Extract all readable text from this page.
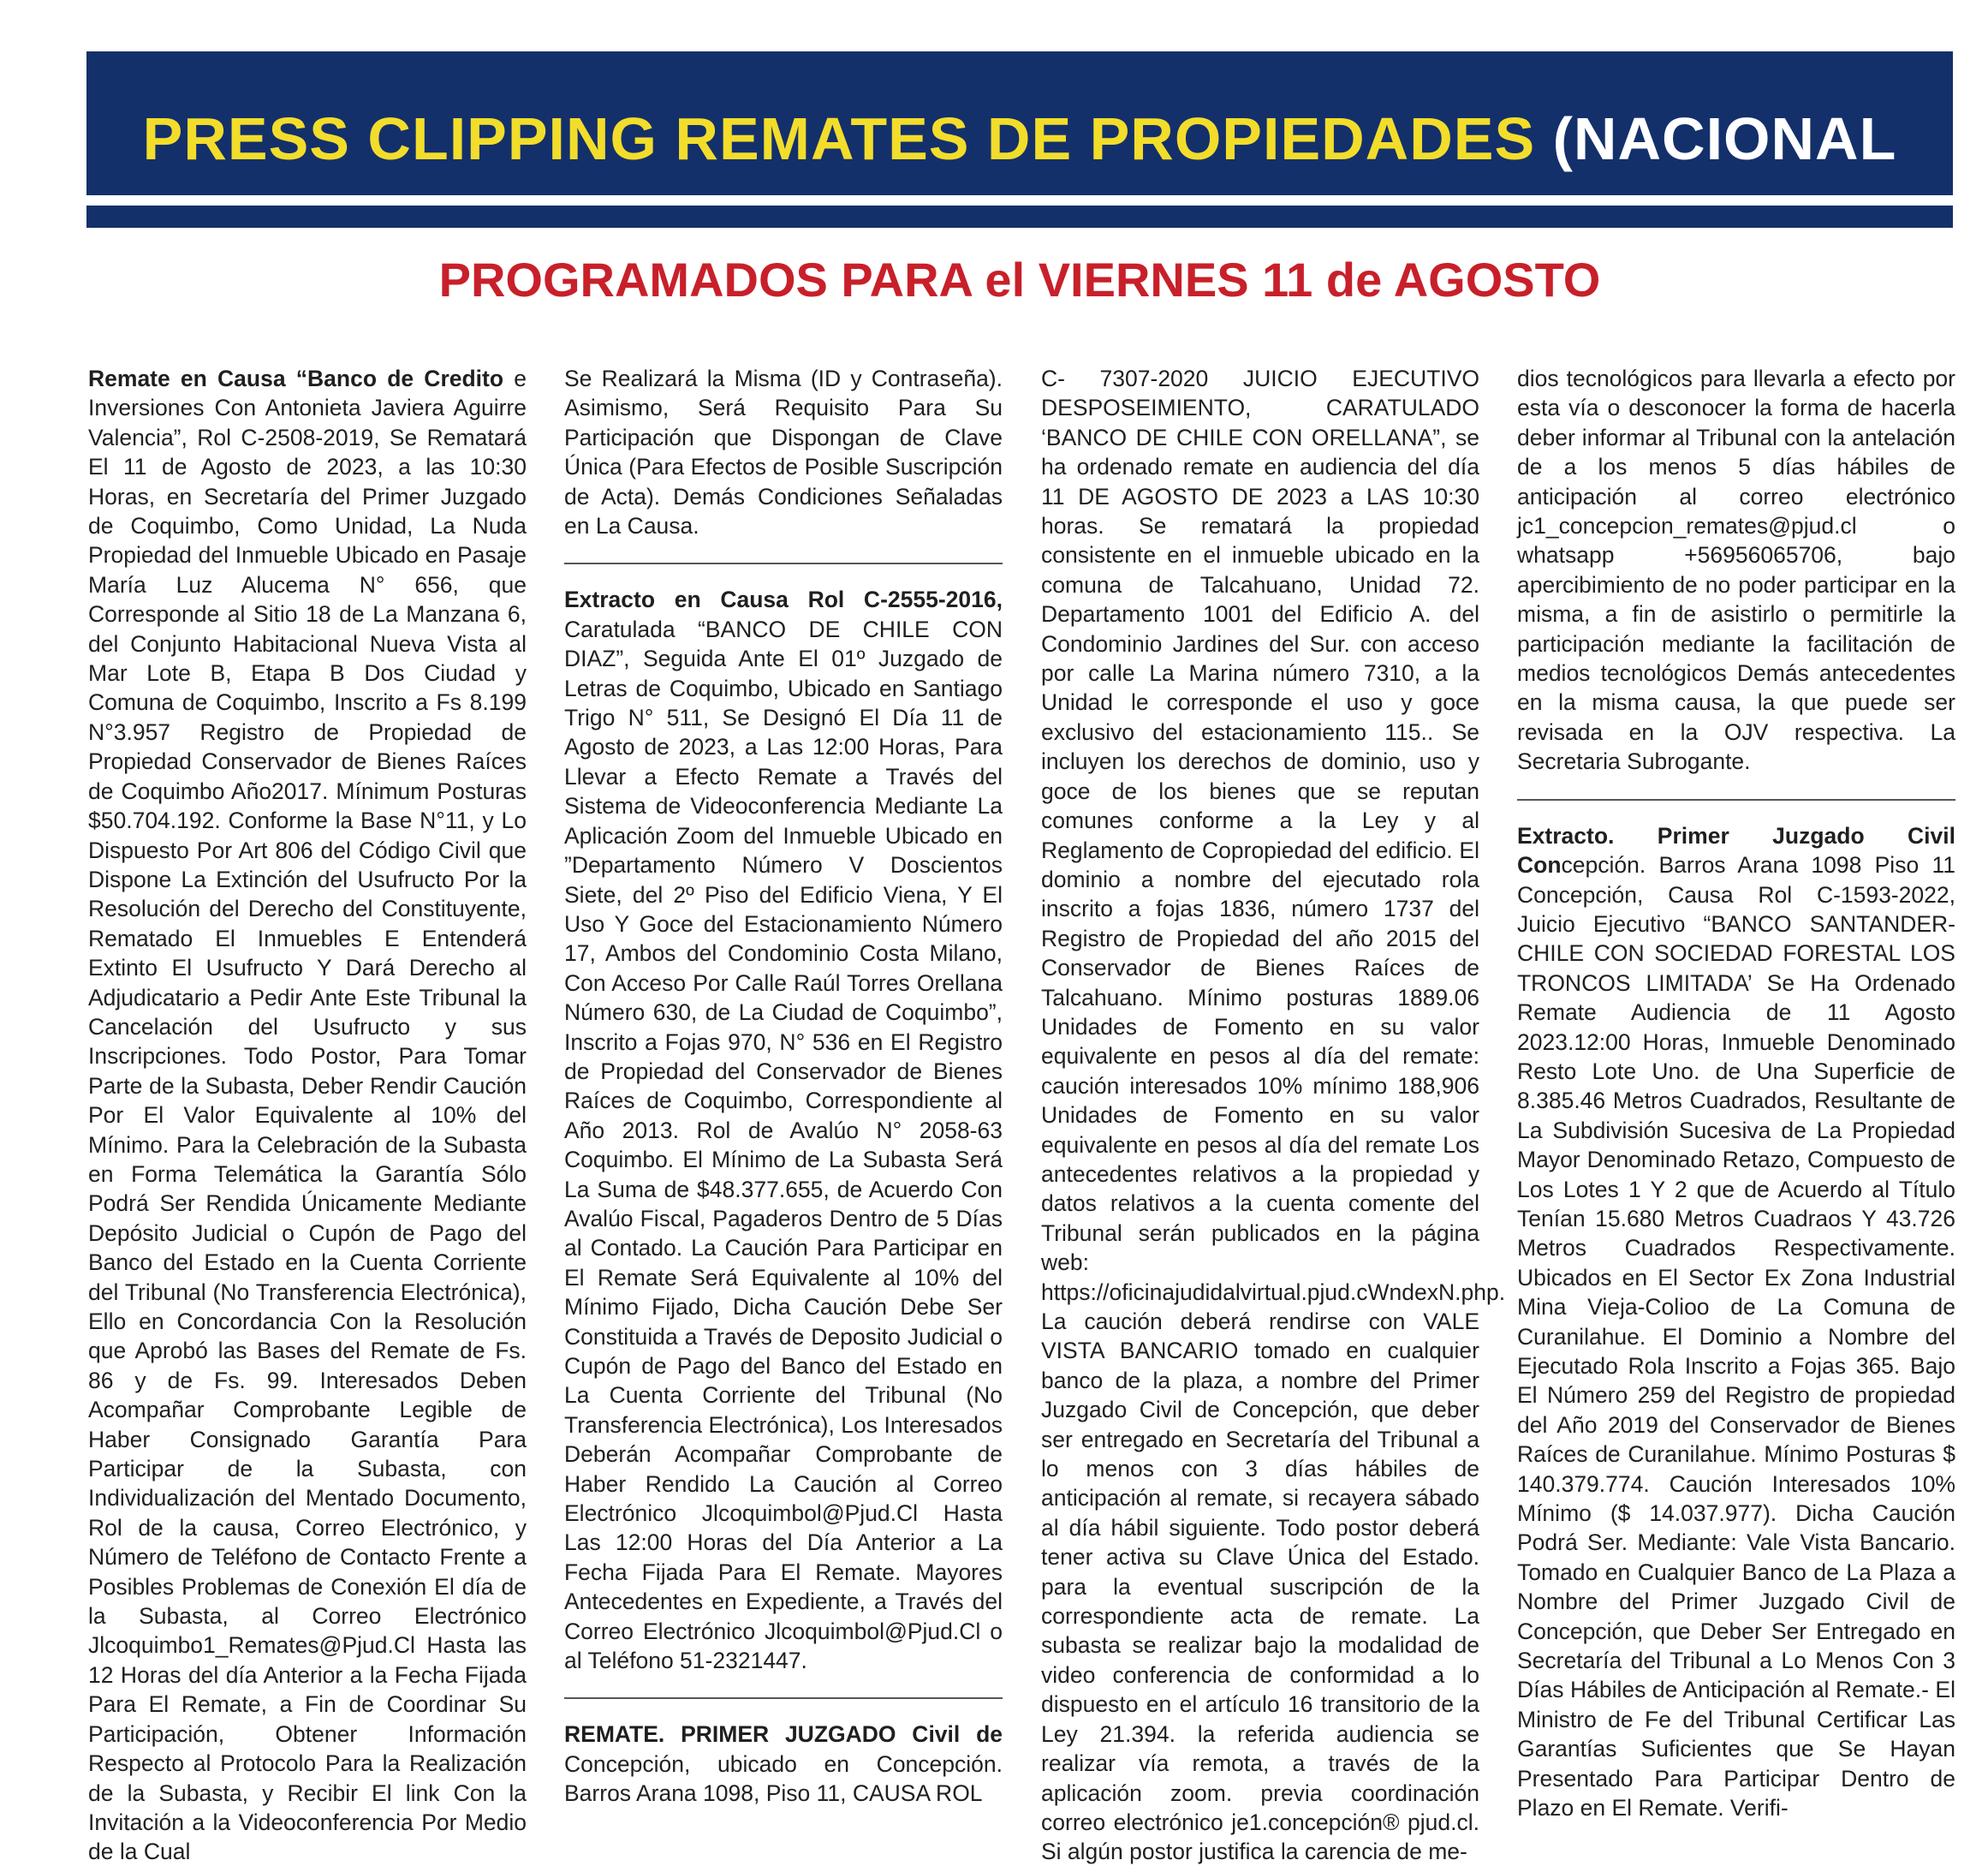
PRESS CLIPPING REMATES DE PROPIEDADES (NACIONAL
PROGRAMADOS PARA el VIERNES 11 de AGOSTO

Remate en Causa “Banco de Credito e Inversiones Con Antonieta Javiera Aguirre Valencia”, Rol C-2508-2019, Se Rematará El 11 de Agosto de 2023, a las 10:30 Horas, en Secretaría del Primer Juzgado de Coquimbo, Como Unidad, La Nuda Propiedad del Inmueble Ubicado en Pasaje María Luz Alucema N° 656, que Corresponde al Sitio 18 de La Manzana 6, del Conjunto Habitacional Nueva Vista al Mar Lote B, Etapa B Dos Ciudad y Comuna de Coquimbo, Inscrito a Fs 8.199 N°3.957 Registro de Propiedad de Propiedad Conservador de Bienes Raíces de Coquimbo Año2017. Mínimum Posturas $50.704.192. Conforme la Base N°11, y Lo Dispuesto Por Art 806 del Código Civil que Dispone La Extinción del Usufructo Por la Resolución del Derecho del Constituyente, Rematado El Inmuebles E Entenderá Extinto El Usufructo Y Dará Derecho al Adjudicatario a Pedir Ante Este Tribunal la Cancelación del Usufructo y sus Inscripciones. Todo Postor, Para Tomar Parte de la Subasta, Deber Rendir Caución Por El Valor Equivalente al 10% del Mínimo. Para la Celebración de la Subasta en Forma Telemática la Garantía Sólo Podrá Ser Rendida Únicamente Mediante Depósito Judicial o Cupón de Pago del Banco del Estado en la Cuenta Corriente del Tribunal (No Transferencia Electrónica), Ello en Concordancia Con la Resolución que Aprobó las Bases del Remate de Fs. 86 y de Fs. 99. Interesados Deben Acompañar Comprobante Legible de Haber Consignado Garantía Para Participar de la Subasta, con Individualización del Mentado Documento, Rol de la causa, Correo Electrónico, y Número de Teléfono de Contacto Frente a Posibles Problemas de Conexión El día de la Subasta, al Correo Electrónico Jlcoquimbo1_Remates@Pjud.Cl Hasta las 12 Horas del día Anterior a la Fecha Fijada Para El Remate, a Fin de Coordinar Su Participación, Obtener Información Respecto al Protocolo Para la Realización de la Subasta, y Recibir El link Con la Invitación a la Videoconferencia Por Medio de la Cual

Se Realizará la Misma (ID y Contraseña). Asimismo, Será Requisito Para Su Participación que Dispongan de Clave Única (Para Efectos de Posible Suscripción de Acta). Demás Condiciones Señaladas en La Causa.

Extracto en Causa Rol C-2555-2016, Caratulada “BANCO DE CHILE CON DIAZ”, Seguida Ante El 01º Juzgado de Letras de Coquimbo, Ubicado en Santiago Trigo N° 511, Se Designó El Día 11 de Agosto de 2023, a Las 12:00 Horas, Para Llevar a Efecto Remate a Través del Sistema de Videoconferencia Mediante La Aplicación Zoom del Inmueble Ubicado en ”Departamento Número V Doscientos Siete, del 2º Piso del Edificio Viena, Y El Uso Y Goce del Estacionamiento Número 17, Ambos del Condominio Costa Milano, Con Acceso Por Calle Raúl Torres Orellana Número 630, de La Ciudad de Coquimbo”, Inscrito a Fojas 970, N° 536 en El Registro de Propiedad del Conservador de Bienes Raíces de Coquimbo, Correspondiente al Año 2013. Rol de Avalúo N° 2058-63 Coquimbo. El Mínimo de La Subasta Será La Suma de $48.377.655, de Acuerdo Con Avalúo Fiscal, Pagaderos Dentro de 5 Días al Contado. La Caución Para Participar en El Remate Será Equivalente al 10% del Mínimo Fijado, Dicha Caución Debe Ser Constituida a Través de Deposito Judicial o Cupón de Pago del Banco del Estado en La Cuenta Corriente del Tribunal (No Transferencia Electrónica), Los Interesados Deberán Acompañar Comprobante de Haber Rendido La Caución al Correo Electrónico Jlcoquimbol@Pjud.Cl Hasta Las 12:00 Horas del Día Anterior a La Fecha Fijada Para El Remate. Mayores Antecedentes en Expediente, a Través del Correo Electrónico Jlcoquimbol@Pjud.Cl o al Teléfono 51-2321447.

REMATE. PRIMER JUZGADO Civil de Concepción, ubicado en Concepción. Barros Arana 1098, Piso 11, CAUSA ROL

C- 7307-2020 JUICIO EJECUTIVO DESPOSEIMIENTO, CARATULADO ‘BANCO DE CHILE CON ORELLANA”, se ha ordenado remate en audiencia del día 11 DE AGOSTO DE 2023 a LAS 10:30 horas. Se rematará la propiedad consistente en el inmueble ubicado en la comuna de Talcahuano, Unidad 72. Departamento 1001 del Edificio A. del Condominio Jardines del Sur. con acceso por calle La Marina número 7310, a la Unidad le corresponde el uso y goce exclusivo del estacionamiento 115.. Se incluyen los derechos de dominio, uso y goce de los bienes que se reputan comunes conforme a la Ley y al Reglamento de Copropiedad del edificio. El dominio a nombre del ejecutado rola inscrito a fojas 1836, número 1737 del Registro de Propiedad del año 2015 del Conservador de Bienes Raíces de Talcahuano. Mínimo posturas 1889.06 Unidades de Fomento en su valor equivalente en pesos al día del remate: caución interesados 10% mínimo 188,906 Unidades de Fomento en su valor equivalente en pesos al día del remate Los antecedentes relativos a la propiedad y datos relativos a la cuenta comente del Tribunal serán publicados en la página web: https://oficinajudidalvirtual.pjud.cWndexN.php. La caución deberá rendirse con VALE VISTA BANCARIO tomado en cualquier banco de la plaza, a nombre del Primer Juzgado Civil de Concepción, que deber ser entregado en Secretaría del Tribunal a lo menos con 3 días hábiles de anticipación al remate, si recayera sábado al día hábil siguiente. Todo postor deberá tener activa su Clave Única del Estado. para la eventual suscripción de la correspondiente acta de remate. La subasta se realizar bajo la modalidad de video conferencia de conformidad a lo dispuesto en el artículo 16 transitorio de la Ley 21.394. la referida audiencia se realizar vía remota, a través de la aplicación zoom. previa coordinación correo electrónico je1.concepción® pjud.cl. Si algún postor justifica la carencia de me-

dios tecnológicos para llevarla a efecto por esta vía o desconocer la forma de hacerla deber informar al Tribunal con la antelación de a los menos 5 días hábiles de anticipación al correo electrónico jc1_concepcion_remates@pjud.cl o whatsapp +56956065706, bajo apercibimiento de no poder participar en la misma, a fin de asistirlo o permitirle la participación mediante la facilitación de medios tecnológicos Demás antecedentes en la misma causa, la que puede ser revisada en la OJV respectiva. La Secretaria Subrogante.

Extracto. Primer Juzgado Civil Concepción. Barros Arana 1098 Piso 11 Concepción, Causa Rol C-1593-2022, Juicio Ejecutivo “BANCO SANTANDER-CHILE CON SOCIEDAD FORESTAL LOS TRONCOS LIMITADA’ Se Ha Ordenado Remate Audiencia de 11 Agosto 2023.12:00 Horas, Inmueble Denominado Resto Lote Uno. de Una Superficie de 8.385.46 Metros Cuadrados, Resultante de La Subdivisión Sucesiva de La Propiedad Mayor Denominado Retazo, Compuesto de Los Lotes 1 Y 2 que de Acuerdo al Título Tenían 15.680 Metros Cuadraos Y 43.726 Metros Cuadrados Respectivamente. Ubicados en El Sector Ex Zona Industrial Mina Vieja-Colioo de La Comuna de Curanilahue. El Dominio a Nombre del Ejecutado Rola Inscrito a Fojas 365. Bajo El Número 259 del Registro de propiedad del Año 2019 del Conservador de Bienes Raíces de Curanilahue. Mínimo Posturas $ 140.379.774. Caución Interesados 10% Mínimo ($ 14.037.977). Dicha Caución Podrá Ser. Mediante: Vale Vista Bancario. Tomado en Cualquier Banco de La Plaza a Nombre del Primer Juzgado Civil de Concepción, que Deber Ser Entregado en Secretaría del Tribunal a Lo Menos Con 3 Días Hábiles de Anticipación al Remate.- El Ministro de Fe del Tribunal Certificar Las Garantías Suficientes que Se Hayan Presentado Para Participar Dentro de Plazo en El Remate. Verifi-
